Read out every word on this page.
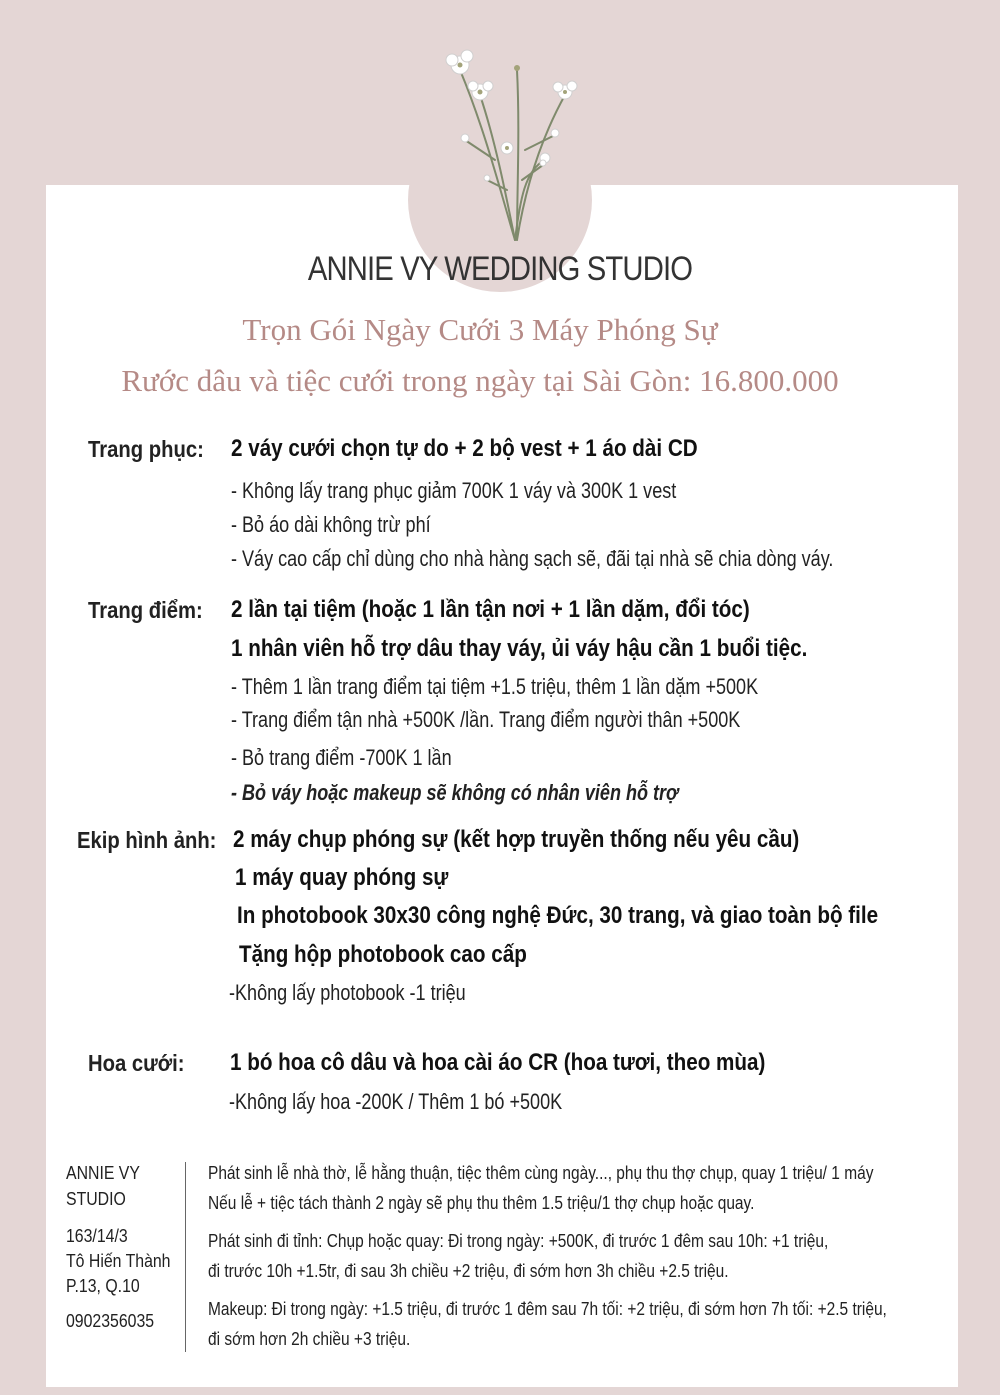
ANNIE VY WEDDING STUDIO
Trọn Gói Ngày Cưới 3 Máy Phóng Sự
Rước dâu và tiệc cưới trong ngày tại Sài Gòn: 16.800.000
Trang phục: 2 váy cưới chọn tự do + 2 bộ vest + 1 áo dài CD
- Không lấy trang phục giảm 700K 1 váy và 300K 1 vest
- Bỏ áo dài không trừ phí
- Váy cao cấp chỉ dùng cho nhà hàng sạch sẽ, đãi tại nhà sẽ chia dòng váy.
Trang điểm: 2 lần tại tiệm (hoặc 1 lần tận nơi + 1 lần dặm, đổi tóc)
1 nhân viên hỗ trợ dâu thay váy, ủi váy hậu cần 1 buổi tiệc.
- Thêm 1 lần trang điểm tại tiệm +1.5 triệu, thêm 1 lần dặm +500K
- Trang điểm tận nhà +500K /lần. Trang điểm người thân +500K
- Bỏ trang điểm -700K 1 lần
- Bỏ váy hoặc makeup sẽ không có nhân viên hỗ trợ
Ekip hình ảnh: 2 máy chụp phóng sự (kết hợp truyền thống nếu yêu cầu)
1 máy quay phóng sự
In photobook 30x30 công nghệ Đức, 30 trang, và giao toàn bộ file
Tặng hộp photobook cao cấp
-Không lấy photobook -1 triệu
Hoa cưới: 1 bó hoa cô dâu và hoa cài áo CR (hoa tươi, theo mùa)
-Không lấy hoa -200K / Thêm 1 bó +500K
ANNIE VY
STUDIO
163/14/3
Tô Hiến Thành
P.13, Q.10
0902356035
Phát sinh lễ nhà thờ, lễ hằng thuận, tiệc thêm cùng ngày..., phụ thu thợ chụp, quay 1 triệu/ 1 máy
Nếu lễ + tiệc tách thành 2 ngày sẽ phụ thu thêm 1.5 triệu/1 thợ chụp hoặc quay.
Phát sinh đi tỉnh: Chụp hoặc quay: Đi trong ngày: +500K, đi trước 1 đêm sau 10h: +1 triệu,
đi trước 10h +1.5tr, đi sau 3h chiều +2 triệu, đi sớm hơn 3h chiều +2.5 triệu.
Makeup: Đi trong ngày: +1.5 triệu, đi trước 1 đêm sau 7h tối: +2 triệu, đi sớm hơn 7h tối: +2.5 triệu,
đi sớm hơn 2h chiều +3 triệu.
